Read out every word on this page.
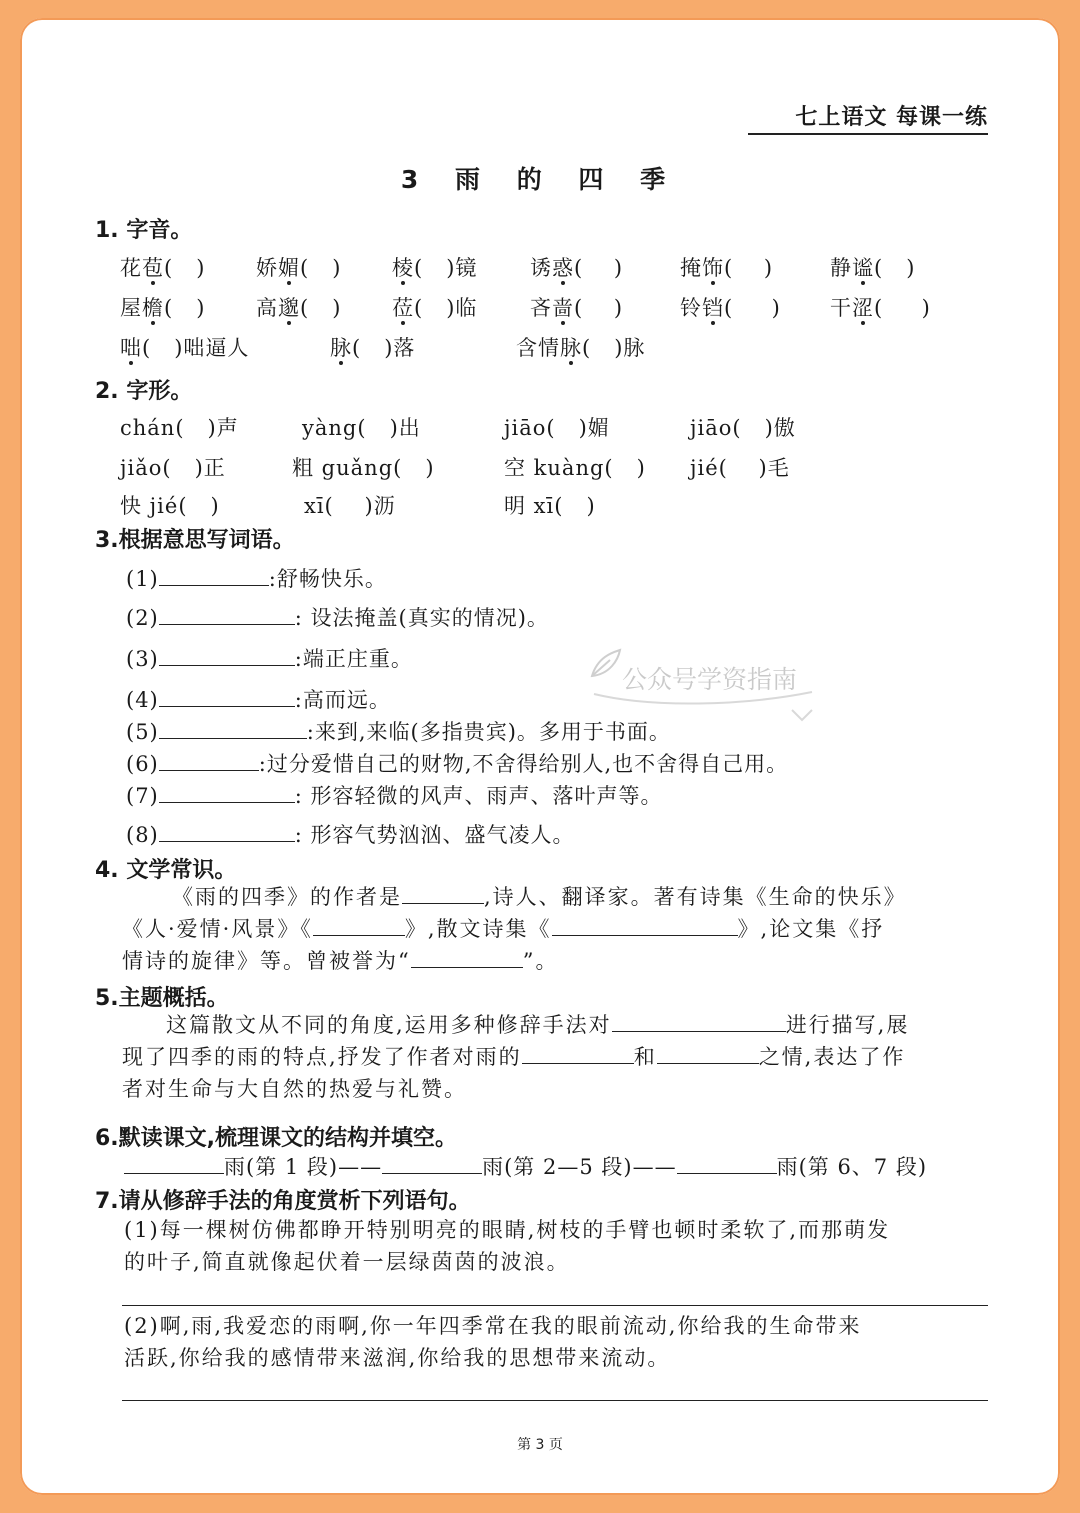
七上语文 每课一练
3 雨 的 四 季
1. 字音。
花苞(   ) 娇媚(   ) 棱(   )镜	诱惑(    )	掩饰(    )	静谧(   )
屋檐(   ) 高邈(   ) 莅(   )临	吝啬(    )	铃铛(     ) 干涩(     )
咄(   )咄逼人	脉(   )落	含情脉(   )脉
2. 字形。
chán(   )声	yàng(   )出	jiāo(   )媚	jiāo(   )傲
jiǎo(   )正	粗 guǎng(   )	空 kuàng(   ) jié(    )毛
快 jié(   )	xī(    )沥	明 xī(   )
3.根据意思写词语。
(1)	:舒畅快乐。
(2)	: 设法掩盖(真实的情况)。
(3)	:端正庄重。
(4)	:高而远。
(5)	:来到,来临(多指贵宾)。多用于书面。
(6)	:过分爱惜自己的财物,不舍得给别人,也不舍得自己用。
(7)	: 形容轻微的风声、雨声、落叶声等。
(8)	: 形容气势汹汹、盛气凌人。
公众号学资指南
4. 文学常识。
《雨的四季》的作者是	,诗人、翻译家。著有诗集《生命的快乐》
《人·爱情·风景》《	》,散文诗集《	》,论文集《抒
情诗的旋律》等。曾被誉为“	”。
5.主题概括。
这篇散文从不同的角度,运用多种修辞手法对	进行描写,展
现了四季的雨的特点,抒发了作者对雨的	和	之情,表达了作
者对生命与大自然的热爱与礼赞。
6.默读课文,梳理课文的结构并填空。
雨(第 1 段)——	雨(第 2—5 段)——	雨(第 6、7 段)
7.请从修辞手法的角度赏析下列语句。
(1)每一棵树仿佛都睁开特别明亮的眼睛,树枝的手臂也顿时柔软了,而那萌发
的叶子,简直就像起伏着一层绿茵茵的波浪。
(2)啊,雨,我爱恋的雨啊,你一年四季常在我的眼前流动,你给我的生命带来
活跃,你给我的感情带来滋润,你给我的思想带来流动。
第 3 页
